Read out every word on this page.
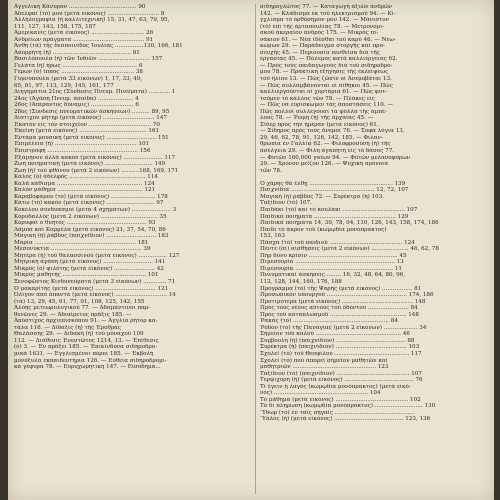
Ἀγγελικὴ Κάνυραν ...................................... 90
Ἀδελφαὶ (τό) μου (μετὰ εἰκόνος) ............................. 8
Ἀλληλογραφία (ἡ καλλιτεχνική) 15, 31, 47, 63, 79, 95,
111, 127, 143, 158, 175, 187
Ἀμερικανίς (μετὰ εἰκόνος) .............................. 26
Ἀνδρείων πράγματα ........................................ 91
Ἄνθη (τὰ) τῆς δεσποινίδος Ἰουλίας ................130, 166, 181
Ἀπορρήτη (ἡ) ............................................ 81
Βασιλόπουλα (ἡ) τῶν Ἰνδιῶν ............................. 157
Γελάτα (ἡ) ἥρως .......................................... 6
Γέρων (ὁ) ἵππος ......................................... 38
Γυμνοπούλα (μετὰ 33 εἰκόνων) 1, 17, 33, 49,
65, 81, 97, 113, 129, 145, 161, 177
Διηγημάτια 21ος (Σύνδεσις Πνευμ. Πνεῦματα) ............ 1
24ος (Ἀγάπη Πνευμ. ἀσπίδα) .................... 4
26ος (Ἀπέραντος δύναμις) ........................ 6
28ος (Σύνδεσις πνευματικῶν ἀσκήσεων) .......... 89, 95
Δίστιχον μήτηρ (μετὰ εἰκόνος) ............................. 147
Ἑκατὸν εἰς τὸν στοιχεῖον ................................... 70
Ἐκεῖνη (μετὰ εἰκόνος) ...................................... 161
Ἐντάμα μουσική (μετὰ εἰκόνος) ............................ 151
Ἐπιμέλεια (ἡ) .............................................. 101
Ἐπιστροφή ................................................... 156
Ἐξάμηνον ἀλλὰ κακόν (μετὰ εἰκόνος) ...................... 117
Ζωὴ ποιηματικὴ (μετὰ εἰκόνος) ........................... 149
Ζωὴ (ἡ) τοῦ φθόνου (μετὰ 2 εἰκόνων) ..........168, 169, 171
Καλὸς (ὁ) ἀδελφός ........................................... 114
Καλὰ κάθισμα ................................................ 124
Καλὸν μάθημα ................................................ 121
Καραβοφάρου (τὸ) (μετὰ εἰκόνος) ......................... 178
Κάτω (τὸ) κακὸν (μετὰ εἰκόνος) ........................... 97
Κοκέλου συνδυασμοί (μετὰ 4 σχημάτων) ...................... 3
Κορυδαλλὸς (μετὰ 2 εἰκόνων) ................................ 35
Κορυφαὶ ὁ θυητός ............................................. 93
Λάμπα καὶ Καρμέλα (μετὰ εἰκόνος) 21, 37, 54, 70, 86
Μαγικὴ (ἡ) ῥάβδος (παιχνίδιον) ............................ 183
Μαρία ......................................................... 181
Μεσονύκτια ................................................... 39
Μητέρα (ἡ) τοῦ θαλασσινοῦ (μετὰ εἰκόνος) ................ 127
Μητρικὴ ἀγάπη (μετὰ εἰκόνος) ............................ 141
Μικρὸς (ὁ) φιλότης (μετὰ εἰκόνος) ....................... 42
Μικρὸς μαθητὴς ............................................... 101
Ξενοφῶντος Κινδυνεύματα (μετὰ 3 εἰκόνων) ............. 71
Ὁ μακαρίτης (μετὰ εἰκόνος) .................................. 121
Ὀλίγον ἀπὸ ἅπαντα (μετὰ εἰκόνος) ............................. 14
(τὰ) 13, 29, 45, 61, 77, 91, 108, 125, 142, 155
Ἀλόης μετεωρολογικοῦ 77. — Ἀδαμάντινοι παρ-
θενῶνες 29. — Ἀδιαίρετος πρᾶξις 185. —
Ἀπόστιχος ἀρχιεπισκόπου 91. — Ἀγγλία ῥήτορ κα-
τάλα 116. — Δίδαξις (ἡ) τῆς Ἐρυθρᾶς
Θαλάσσης 29. — Διδακή (ἡ) τοῦ μοναχοῦ 109
112. — Διάθεσις Ἐνεστῶτος 1214, 13. — Ἐπίθεσις
(ὁ) 3. — Ἐν πράξει 185. — Ἐπικίνδυνα σιδηροδρο-
μικὰ 1631. — Ἐγγλισμένοι πόροι 185. — Ἐκβολὴ
μονόξυλα ἐκπαιδευτήρια 126. — Εὐθεία σιδηροδρομι-
κὰ γέφυρα 78. — Εὐρυχωρητικὴ 147. — Εἰσόδημα...
σιδηρογλῶτος 77. — Καταγωγὴ ἀξιῶν ἀνδρῶν
142. — Κλάδισμα ἐκ τοῦ ἠλεκτρισμοῦ 94. — Κί-
γχλισμα τὸ ὀρθόσημον μου 142. — Μάνιστον
(τὸ) ἐπὶ τῆς ἀρταπουλίας 78. — Μετρονομι-
σκοῦ ἀκεραίου ἀνδρός 175. — Μικρὸς πι-
νάκιον 61. — Νέα ἱδέσθαι τοῦ καρῦ 46. — Νεω-
κώμων 29. — Παράδειγμα στοργῆς καὶ προ-
σευχῆς 45. — Περιουσία πενθεῖσα διὰ τῆς
ἐργασίας 45. — Πόλεμος κατὰ καλλιέργειας 62.
— Πρὸς τοὺς παιδαγωγοὺς διὰ τοῦ σιδηροδρό-
μου 78. — Πρακτικὴ ἐξήγησις τῆς ἐκλείψεως
τοῦ ἡλίου 13. — Πῶς ζῶσιν οἱ Ἀνεμοβάται 13.
— Πῶς συλλαμβάνονται οἱ πίθηκοι 45. — Πῶς
καλλιεργοῦνται οἱ χορτάρια 61. — Πῶς φυτ-
τοῦμεν τὸ κάλλος τῶν 78. — Πλάκες εἰς
— Πῶς νὰ εὑρίσκωμεν τὰς ἀποστάσεις 110. —
Πῶς πολλοὶ συλλέγουσι τὰ φύλλα τῆς ἀμπέ-
λους 78. — Ῥώμη (ἡ) τῆς ἀρχαίας 45. —
Σίδερ πρὸς τὴν ἡμέραν (μετὰ εἰκόνος) 61.
— Σίδηρος πρὸς τοὺς ἄνεμοι 76. — Σοφά λόγια 13,
29, 46, 62, 78, 91, 126, 142, 185. — Φιλαν-
θρωπία ἐν Γαλλίᾳ 62. — Φιλοφροσύνη (ἡ) τῆς
ἀσέλγεια 29. — Φίλη ἀγαπητὴ εἰς τὸ δάσος 77.
— Φυτῶν 180,000 γαῖων 94. — Φυτῶν μελανοφόρων
29. — Χρόνου μεῖζον 126. — Ψυχικὴ πρόνοια
τῶν 78.
Ὁ χάρης θὰ ἔλθῃ ............................................... 139
Παιχνίδια ............................................... 12, 72, 107
Μαγικὴ (ἡ) ῥάβδος 72. — Συρέκτρα (ἡ) 103.
Ταξίδιον (τὸ) 107.
Παιδάκι (τὸ) καὶ τὸ κουλάκι ................................... 107
Παιδικὰ ποιήματα .............................................. 129
Παιδικὰ ποιήματα 14, 30, 78, 94, 110, 126, 143, 158, 174, 186
Παιδί τὸ ἄκρον τοῦ (κωμῳδία μονόπρακτος)
153, 163
Πᾶσχα (τὸ) τοῦ παιδιοῦ ......................................... 124
Πέντε (αἱ) αἰσθήσεις (μετὰ 2 εἰκόνων) ..................... 46, 62, 78
Πὴρ δύνο κρίσιν .................................................. 45
Πιμεσουρία ........................................................ 13
Πιμεσουρία ....................................................... 11
Πνευματικαὶ ἀσκήσεις ........ 16, 32, 48, 64, 80, 96,
112, 128, 144, 160, 176, 188
Πρόγραμμα (τὸ) τῆς Ψαρῆς (μετὰ εἰκόνος) ................. 81
Προσωπικὸν ὑπουργοῦ ............................................. 174, 186
Προτιμότερα (μετὰ εἰκόνος) ........................................ 148
Πρὸς τοὺς νέους αὐτοὺς τοῦ ὁδόντου ....................... 84
Πρὸς τοῦ καταπλωσμοῦ ........................................... 148
Ῥακάς (τό) ...................................................... 84
Ῥόδον (τὸ) τῆς Παναγίας (μετὰ 2 εἰκόνων) ................... 34
Σημεῖον τοῦ καλοῦ ................................................ 46
Συμβουλὴ (ἡ) (παιχνίδιον) ....................................... 88
Συρέκτρα (ἡ) (παιχνίδιον) ........................................ 103
Σχολεῖ (τὸ) τοῦ Θεοφίλου .......................................... 117
Σχολεῖ (τὸ) ποῦ ἀπορεῖ σημεῖον μαθητῶν καὶ
μαθητριῶν ............................................... 123
Ταξίδιον (τὸ) (παιχνίδιον) ......................................... 107
Τερψιχόρη (ἡ) (μετὰ εἰκόνος) ....................................... 76
Τί ἔγειν ἡ λαγὸς (κωμῳδία μονόπρακτος) (μετὰ εἰκό-
νος) ..................................................... 104
Τὸ μάθημα (μετὰ εἰκόνος) ......................................... 102
Τὸ δι πλήρωση (κωμῳδία μονόπρακτος) ........................... 130
Ὕδωρ (τὸ) ἐν ταῖς πηγαῖς .............................................
Ὕαλος (ἡ) (μετὰ εἰκόνος) ....................................... 123, 136
